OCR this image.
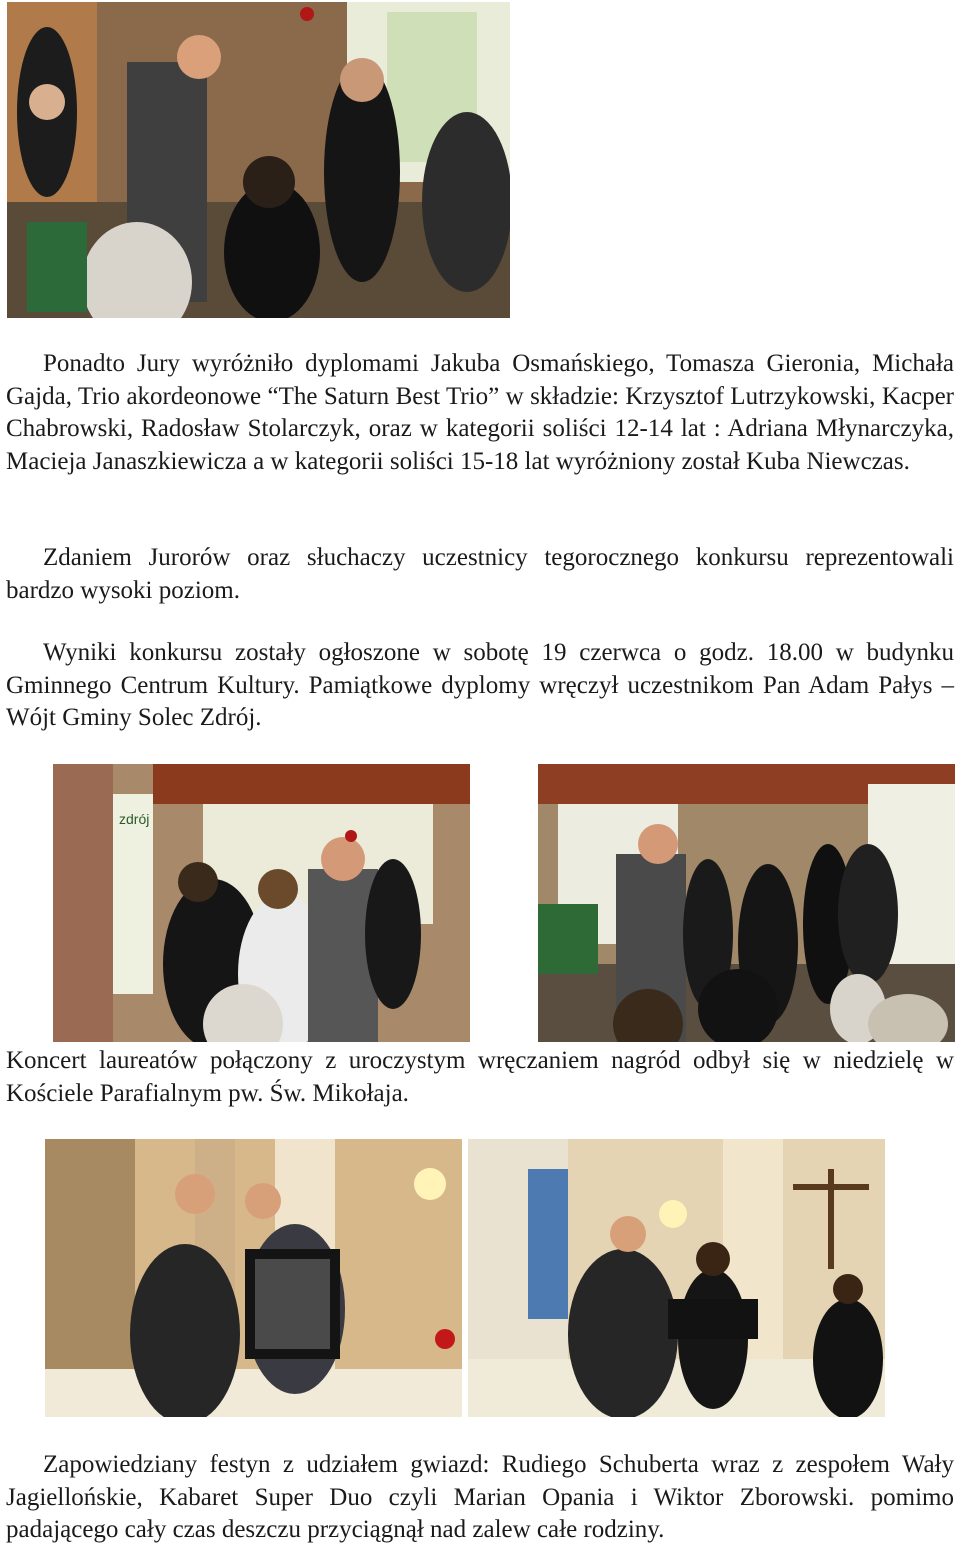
Ponadto Jury wyróżniło dyplomami Jakuba Osmańskiego, Tomasza Gieronia, Michała Gajda, Trio akordeonowe “The Saturn Best Trio” w składzie: Krzysztof Lutrzykowski, Kacper Chabrowski, Radosław Stolarczyk, oraz w kategorii soliści 12-14 lat : Adriana Młynarczyka, Macieja Janaszkiewicza a w kategorii soliści 15-18 lat wyróżniony został Kuba Niewczas.

Zdaniem Jurorów oraz słuchaczy uczestnicy tegorocznego konkursu reprezentowali bardzo wysoki poziom.

Wyniki konkursu zostały ogłoszone w sobotę 19 czerwca o godz. 18.00 w budynku Gminnego Centrum Kultury. Pamiątkowe dyplomy wręczył uczestnikom Pan Adam Pałys – Wójt Gminy Solec Zdrój.

zdrój

Koncert laureatów połączony z uroczystym wręczaniem nagród odbył się w niedzielę w Kościele Parafialnym pw. Św. Mikołaja.

Zapowiedziany festyn z udziałem gwiazd: Rudiego Schuberta wraz z zespołem Wały Jagiellońskie, Kabaret Super Duo czyli Marian Opania i Wiktor Zborowski. pomimo padającego cały czas deszczu przyciągnął nad zalew całe rodziny.
